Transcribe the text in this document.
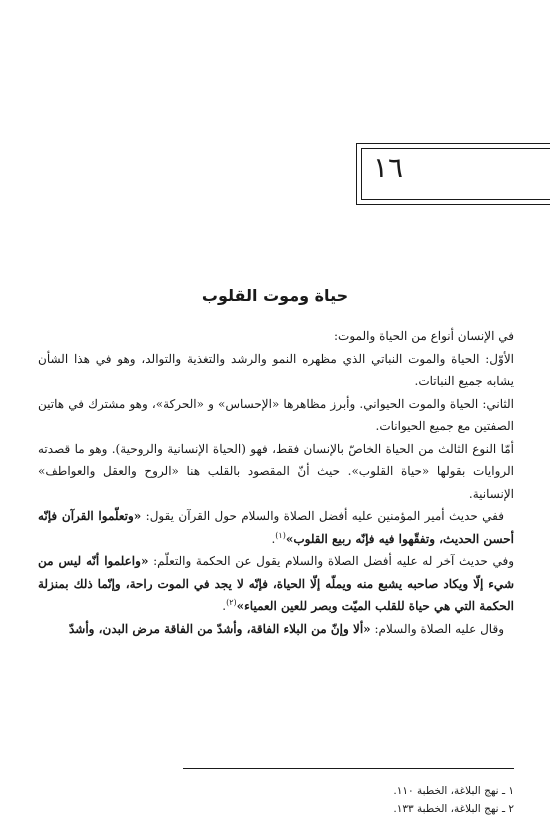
١٦
حياة وموت القلوب

في الإنسان أنواع من الحياة والموت:

الأوّل: الحياة والموت النباتي الذي مظهره النمو والرشد والتغذية والتوالد، وهو في هذا الشأن يشابه جميع النباتات.

الثاني: الحياة والموت الحيواني. وأبرز مظاهرها «الإحساس» و «الحركة»، وهو مشترك في هاتين الصفتين مع جميع الحيوانات.

أمّا النوع الثالث من الحياة الخاصّ بالإنسان فقط، فهو (الحياة الإنسانية والروحية). وهو ما قصدته الروايات بقولها «حياة القلوب». حيث أنّ المقصود بالقلب هنا «الروح والعقل والعواطف» الإنسانية.

ففي حديث أمير المؤمنين عليه أفضل الصلاة والسلام حول القرآن يقول: «وتعلّموا القرآن فإنّه أحسن الحديث، وتفقّهوا فيه فإنّه ربيع القلوب»$^{(١)}$.

وفي حديث آخر له عليه أفضل الصلاة والسلام يقول عن الحكمة والتعلّم: «واعلموا أنّه ليس من شيء إلّا ويكاد صاحبه يشبع منه ويملّه إلّا الحياة، فإنّه لا يجد في الموت راحة، وإنّما ذلك بمنزلة الحكمة التي هي حياة للقلب الميّت وبصر للعين العمياء»$^{(٢)}$.

وقال عليه الصلاة والسلام: «ألا وإنّ من البلاء الفاقة، وأشدّ من الفاقة مرض البدن، وأشدّ

١ ـ نهج البلاغة، الخطبة ١١٠.
٢ ـ نهج البلاغة، الخطبة ١٣٣.
